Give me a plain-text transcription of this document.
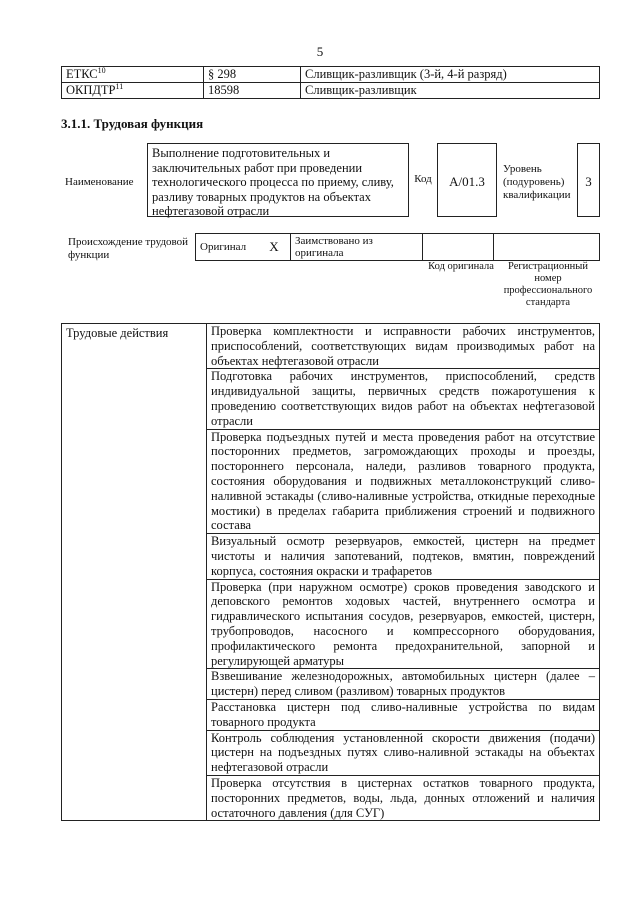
5
ЕТКС$^{10}$	§ 298	Сливщик-разливщик (3-й, 4-й разряд)
ОКПДТР$^{11}$	18598	Сливщик-разливщик
3.1.1. Трудовая функция
Наименование
Выполнение подготовительных и заключительных работ при проведении технологического процесса по приему, сливу, разливу товарных продуктов на объектах нефтегазовой отрасли
Код	А/01.3
Уровень (подуровень) квалификации
3
Происхождение трудовой функции
Оригинал	X	Заимствовано из оригинала		
Код оригинала	Регистрационный номер профессионального стандарта
Трудовые действия	Проверка комплектности и исправности рабочих инструментов, приспособлений, соответствующих видам производимых работ на объектах нефтегазовой отрасли
Подготовка рабочих инструментов, приспособлений, средств индивидуальной защиты, первичных средств пожаротушения к проведению соответствующих видов работ на объектах нефтегазовой отрасли
Проверка подъездных путей и места проведения работ на отсутствие посторонних предметов, загромождающих проходы и проезды, постороннего персонала, наледи, разливов товарного продукта, состояния оборудования и подвижных металлоконструкций сливо-наливной эстакады (сливо-наливные устройства, откидные переходные мостики) в пределах габарита приближения строений и подвижного состава
Визуальный осмотр резервуаров, емкостей, цистерн на предмет чистоты и наличия запотеваний, подтеков, вмятин, повреждений корпуса, состояния окраски и трафаретов
Проверка (при наружном осмотре) сроков проведения заводского и деповского ремонтов ходовых частей, внутреннего осмотра и гидравлического испытания сосудов, резервуаров, емкостей, цистерн, трубопроводов, насосного и компрессорного оборудования, профилактического ремонта предохранительной, запорной и регулирующей арматуры
Взвешивание железнодорожных, автомобильных цистерн (далее – цистерн) перед сливом (разливом) товарных продуктов
Расстановка цистерн под сливо-наливные устройства по видам товарного продукта
Контроль соблюдения установленной скорости движения (подачи) цистерн на подъездных путях сливо-наливной эстакады на объектах нефтегазовой отрасли
Проверка отсутствия в цистернах остатков товарного продукта, посторонних предметов, воды, льда, донных отложений и наличия остаточного давления (для СУГ)
